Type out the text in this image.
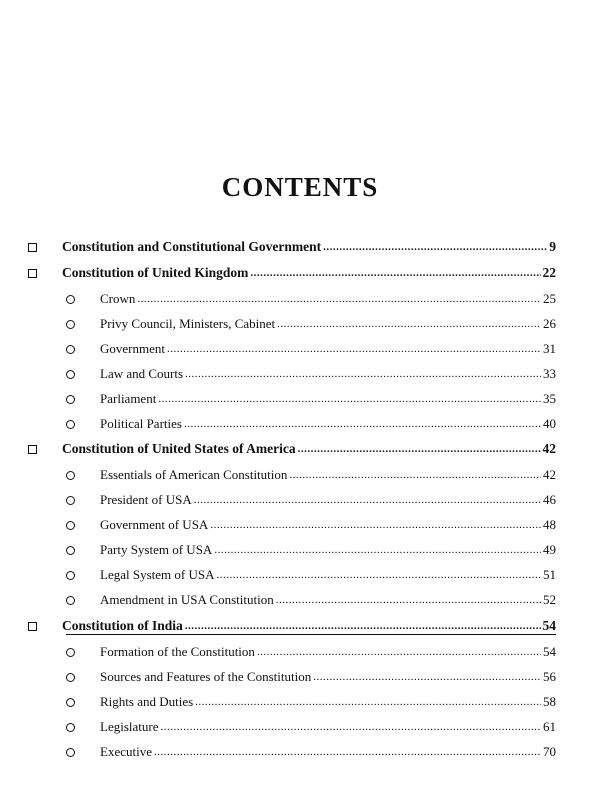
CONTENTS
Constitution and Constitutional Government .....	9
Constitution of United Kingdom .....	22
Crown .....	25
Privy Council, Ministers, Cabinet .....	26
Government .....	31
Law and Courts .....	33
Parliament .....	35
Political Parties .....	40
Constitution of United States of America .....	42
Essentials of American Constitution .....	42
President of USA .....	46
Government of USA .....	48
Party System of USA .....	49
Legal System of USA .....	51
Amendment in USA Constitution .....	52
Constitution of India .....	54
Formation of the Constitution .....	54
Sources and Features of the Constitution .....	56
Rights and Duties .....	58
Legislature .....	61
Executive .....	70
